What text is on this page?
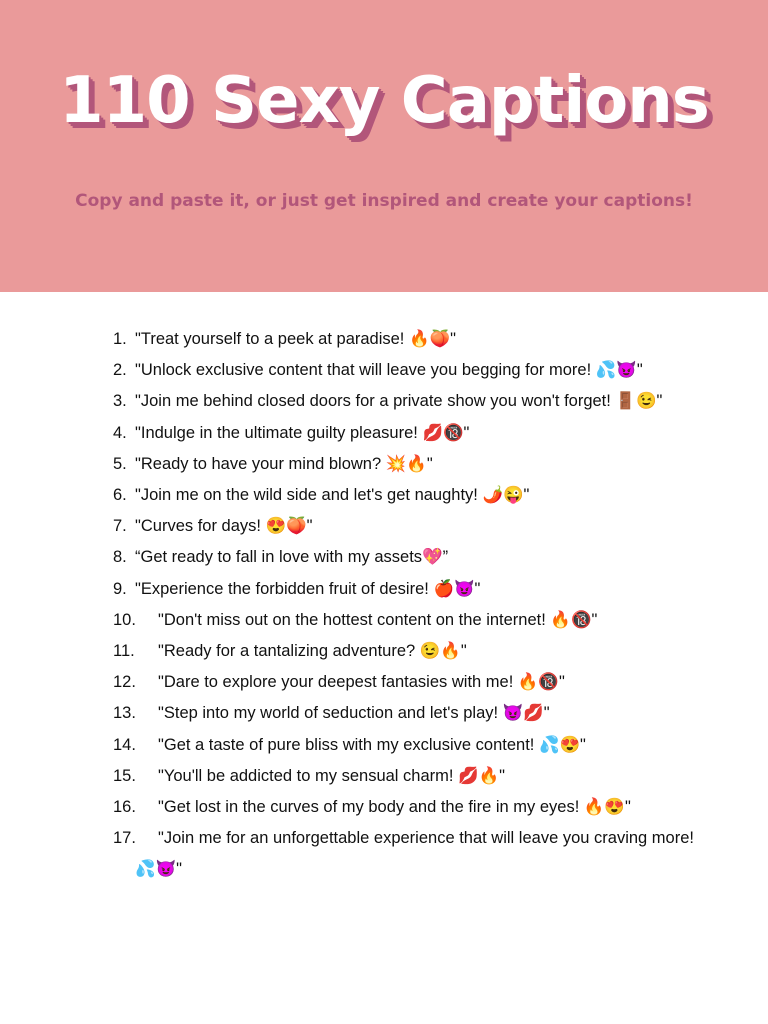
110 Sexy Captions
Copy and paste it, or just get inspired and create your captions!
1. "Treat yourself to a peek at paradise! 🔥🍑"
2. "Unlock exclusive content that will leave you begging for more! 💦😈"
3. "Join me behind closed doors for a private show you won't forget! 🚪😉"
4. "Indulge in the ultimate guilty pleasure! 💋🔞"
5. "Ready to have your mind blown? 💥🔥"
6. "Join me on the wild side and let's get naughty! 🌶️😜"
7. "Curves for days! 😍🍑"
8. “Get ready to fall in love with my assets💖”
9. "Experience the forbidden fruit of desire! 🍎😈"
10.	"Don't miss out on the hottest content on the internet! 🔥🔞"
11.	"Ready for a tantalizing adventure? 😉🔥"
12.	"Dare to explore your deepest fantasies with me! 🔥🔞"
13.	"Step into my world of seduction and let's play! 😈💋"
14.	"Get a taste of pure bliss with my exclusive content! 💦😍"
15.	"You'll be addicted to my sensual charm! 💋🔥"
16.	"Get lost in the curves of my body and the fire in my eyes! 🔥😍"
17.	"Join me for an unforgettable experience that will leave you craving more! 💦😈"
